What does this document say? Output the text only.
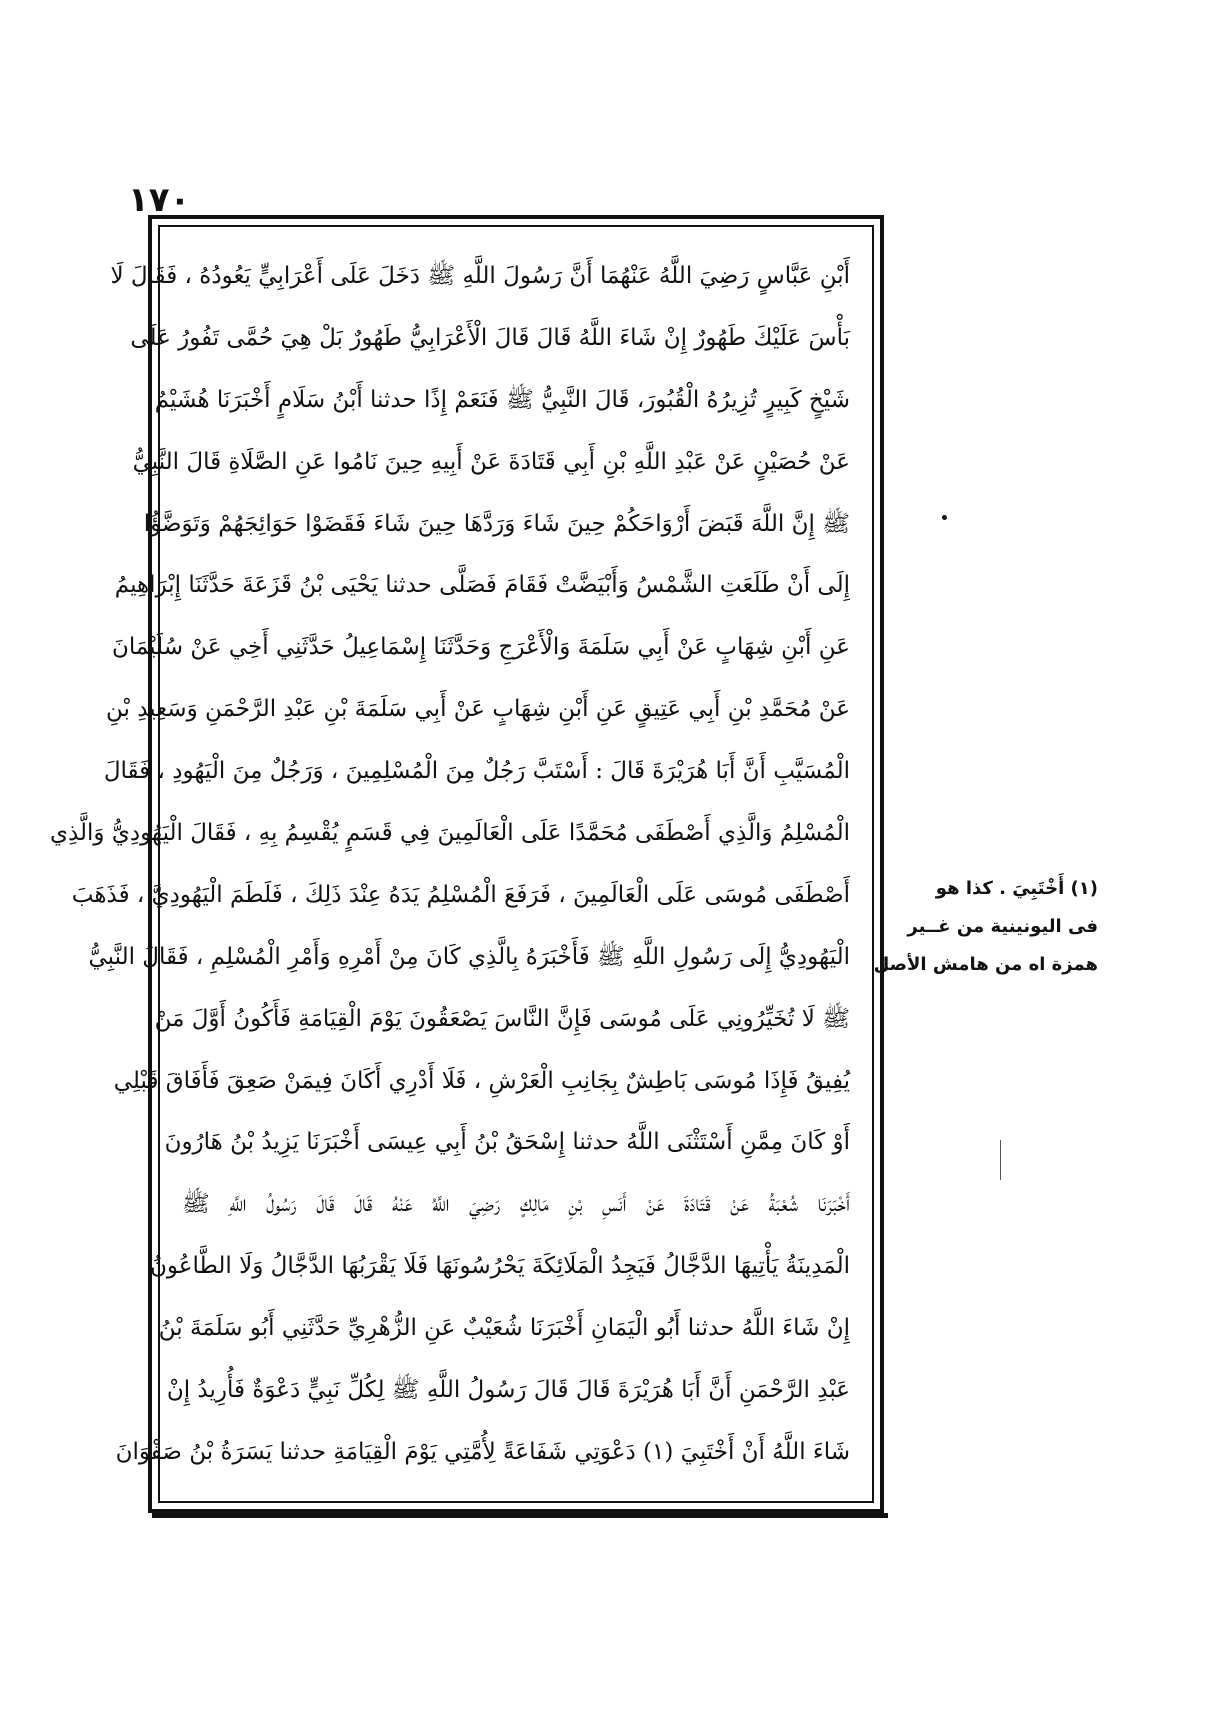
١٧٠
أَبْنِ عَبَّاسٍ رَضِيَ اللَّهُ عَنْهُمَا أَنَّ رَسُولَ اللَّهِ ﷺ دَخَلَ عَلَى أَعْرَابِيٍّ يَعُودُهُ ، فَقَالَ لَا
بَأْسَ عَلَيْكَ طَهُورٌ إِنْ شَاءَ اللَّهُ قَالَ قَالَ الْأَعْرَابِيُّ طَهُورٌ بَلْ هِيَ حُمَّى تَفُورُ عَلَى
شَيْخٍ كَبِيرٍ تُزِيرُهُ الْقُبُورَ، قَالَ النَّبِيُّ ﷺ فَنَعَمْ إِذًا حدثنا أَبْنُ سَلَامٍ أَخْبَرَنَا هُشَيْمٌ
عَنْ حُصَيْنٍ عَنْ عَبْدِ اللَّهِ بْنِ أَبِي قَتَادَةَ عَنْ أَبِيهِ حِينَ نَامُوا عَنِ الصَّلَاةِ قَالَ النَّبِيُّ
ﷺ إِنَّ اللَّهَ قَبَضَ أَرْوَاحَكُمْ حِينَ شَاءَ وَرَدَّهَا حِينَ شَاءَ فَقَضَوْا حَوَائِجَهُمْ وَتَوَضَّؤُا
إِلَى أَنْ طَلَعَتِ الشَّمْسُ وَأَبْيَضَّتْ فَقَامَ فَصَلَّى حدثنا يَحْيَى بْنُ قَزَعَةَ حَدَّثَنَا إِبْرَاهِيمُ
عَنِ أَبْنِ شِهَابٍ عَنْ أَبِي سَلَمَةَ وَالْأَعْرَجِ وَحَدَّثَنَا إِسْمَاعِيلُ حَدَّثَنِي أَخِي عَنْ سُلَيْمَانَ
عَنْ مُحَمَّدِ بْنِ أَبِي عَتِيقٍ عَنِ أَبْنِ شِهَابٍ عَنْ أَبِي سَلَمَةَ بْنِ عَبْدِ الرَّحْمَنِ وَسَعِيدِ بْنِ
الْمُسَيَّبِ أَنَّ أَبَا هُرَيْرَةَ قَالَ : أَسْتَبَّ رَجُلٌ مِنَ الْمُسْلِمِينَ ، وَرَجُلٌ مِنَ الْيَهُودِ ، فَقَالَ
الْمُسْلِمُ وَالَّذِي أَصْطَفَى مُحَمَّدًا عَلَى الْعَالَمِينَ فِي قَسَمٍ يُقْسِمُ بِهِ ، فَقَالَ الْيَهُودِيُّ وَالَّذِي
أَصْطَفَى مُوسَى عَلَى الْعَالَمِينَ ، فَرَفَعَ الْمُسْلِمُ يَدَهُ عِنْدَ ذَلِكَ ، فَلَطَمَ الْيَهُودِيَّ ، فَذَهَبَ
الْيَهُودِيُّ إِلَى رَسُولِ اللَّهِ ﷺ فَأَخْبَرَهُ بِالَّذِي كَانَ مِنْ أَمْرِهِ وَأَمْرِ الْمُسْلِمِ ، فَقَالَ النَّبِيُّ
ﷺ لَا تُخَيِّرُونِي عَلَى مُوسَى فَإِنَّ النَّاسَ يَصْعَقُونَ يَوْمَ الْقِيَامَةِ فَأَكُونُ أَوَّلَ مَنْ
يُفِيقُ فَإِذَا مُوسَى بَاطِشٌ بِجَانِبِ الْعَرْشِ ، فَلَا أَدْرِي أَكَانَ فِيمَنْ صَعِقَ فَأَفَاقَ قَبْلِي
أَوْ كَانَ مِمَّنِ أَسْتَثْنَى اللَّهُ حدثنا إِسْحَقُ بْنُ أَبِي عِيسَى أَخْبَرَنَا يَزِيدُ بْنُ هَارُونَ
أَخْبَرَنَا شُعْبَةُ عَنْ قَتَادَةَ عَنْ أَنَسِ بْنِ مَالِكٍ رَضِيَ اللَّهُ عَنْهُ قَالَ قَالَ رَسُولُ اللَّهِ ﷺ
الْمَدِينَةُ يَأْتِيهَا الدَّجَّالُ فَيَجِدُ الْمَلَائِكَةَ يَحْرُسُونَهَا فَلَا يَقْرَبُهَا الدَّجَّالُ وَلَا الطَّاعُونُ
إِنْ شَاءَ اللَّهُ حدثنا أَبُو الْيَمَانِ أَخْبَرَنَا شُعَيْبٌ عَنِ الزُّهْرِيِّ حَدَّثَنِي أَبُو سَلَمَةَ بْنُ
عَبْدِ الرَّحْمَنِ أَنَّ أَبَا هُرَيْرَةَ قَالَ قَالَ رَسُولُ اللَّهِ ﷺ لِكُلِّ نَبِيٍّ دَعْوَةٌ فَأُرِيدُ إِنْ
شَاءَ اللَّهُ أَنْ أَخْتَبِيَ (١) دَعْوَتِي شَفَاعَةً لِأُمَّتِي يَوْمَ الْقِيَامَةِ حدثنا يَسَرَةُ بْنُ صَفْوَانَ
(١) أَخْتَبِيَ . كذا هو
فى اليونينية من غــير
همزة اه من هامش الأصل
